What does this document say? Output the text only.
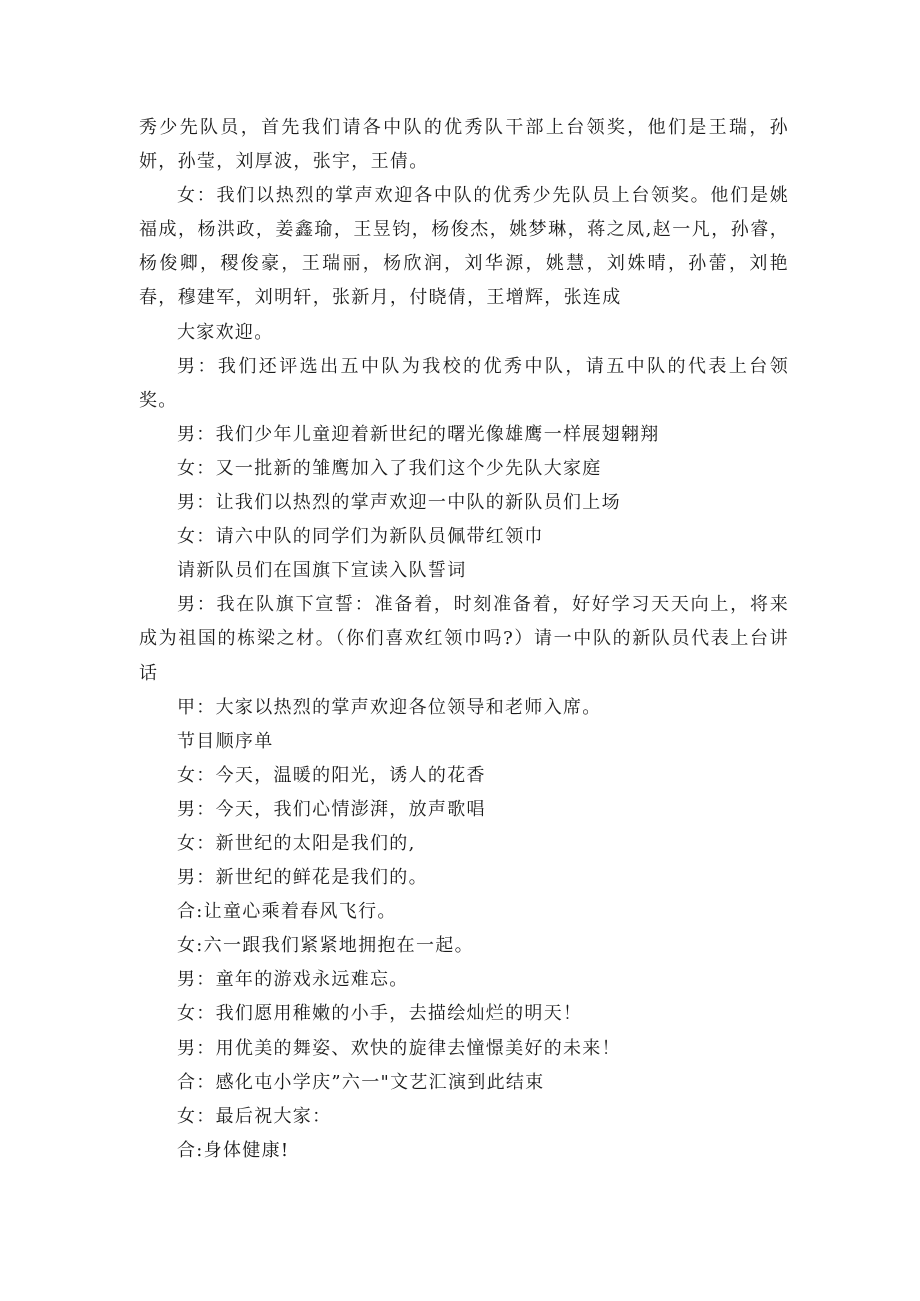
秀少先队员，首先我们请各中队的优秀队干部上台领奖，他们是王瑞，孙妍，孙莹，刘厚波，张宇，王倩。

女：我们以热烈的掌声欢迎各中队的优秀少先队员上台领奖。他们是姚福成，杨洪政，姜鑫瑜，王昱钧，杨俊杰，姚梦琳，蒋之凤,赵一凡，孙睿，杨俊卿，稷俊豪，王瑞丽，杨欣润，刘华源，姚慧，刘姝晴，孙蕾，刘艳春，穆建军，刘明轩，张新月，付晓倩，王增辉，张连成

大家欢迎。

男：我们还评选出五中队为我校的优秀中队，请五中队的代表上台领奖。

男：我们少年儿童迎着新世纪的曙光像雄鹰一样展翅翱翔

女：又一批新的雏鹰加入了我们这个少先队大家庭

男：让我们以热烈的掌声欢迎一中队的新队员们上场

女：请六中队的同学们为新队员佩带红领巾

请新队员们在国旗下宣读入队誓词

男：我在队旗下宣誓：准备着，时刻准备着，好好学习天天向上，将来成为祖国的栋梁之材。（你们喜欢红领巾吗?）请一中队的新队员代表上台讲话

甲：大家以热烈的掌声欢迎各位领导和老师入席。

节目顺序单

女：今天，温暖的阳光，诱人的花香

男：今天，我们心情澎湃，放声歌唱

女：新世纪的太阳是我们的,

男：新世纪的鲜花是我们的。

合:让童心乘着春风飞行。

女:六一跟我们紧紧地拥抱在一起。

男：童年的游戏永远难忘。

女：我们愿用稚嫩的小手，去描绘灿烂的明天！

男：用优美的舞姿、欢快的旋律去憧憬美好的未来！

合：感化屯小学庆”六一"文艺汇演到此结束

女：最后祝大家：

合:身体健康!
